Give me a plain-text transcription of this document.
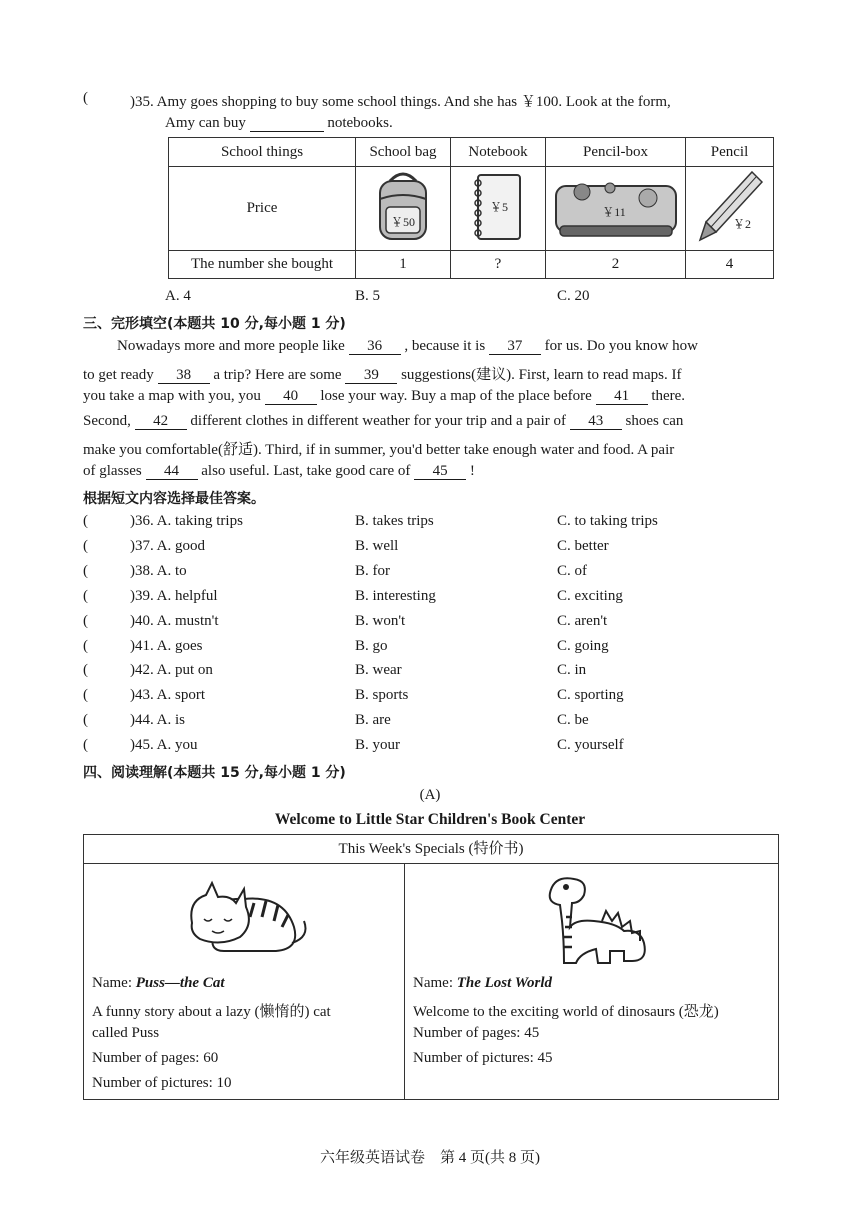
(	)35. Amy goes shopping to buy some school things. And she has ￥100. Look at the form,
Amy can buy	notebooks.
School things	School bag	Notebook	Pencil-box	Pencil
Price	￥50	￥5	￥11	￥2

The number she bought	1	?	2	4
A. 4	B. 5	C. 20
三、完形填空(本题共 10 分,每小题 1 分)
Nowadays more and more people like 36 , because it is 37 for us. Do you know how
to get ready 38 a trip? Here are some 39 suggestions(建议). First, learn to read maps. If
you take a map with you, you 40 lose your way. Buy a map of the place before 41 there.
Second, 42 different clothes in different weather for your trip and a pair of 43 shoes can
make you comfortable(舒适). Third, if in summer, you'd better take enough water and food. A pair
of glasses 44 also useful. Last, take good care of 45 !
根据短文内容选择最佳答案。
(	)36. A. taking trips	B. takes trips	C. to taking trips
(	)37. A. good	B. well	C. better
(	)38. A. to	B. for	C. of
(	)39. A. helpful	B. interesting	C. exciting
(	)40. A. mustn't	B. won't	C. aren't
(	)41. A. goes	B. go	C. going
(	)42. A. put on	B. wear	C. in
(	)43. A. sport	B. sports	C. sporting
(	)44. A. is	B. are	C. be
(	)45. A. you	B. your	C. yourself
四、阅读理解(本题共 15 分,每小题 1 分)
(A)
Welcome to Little Star Children's Book Center
This Week's Specials (特价书)
Name: Puss—the Cat
A funny story about a lazy (懒惰的) cat
called Puss
Number of pages: 60
Number of pictures: 10
Name: The Lost World
Welcome to the exciting world of dinosaurs (恐龙)
Number of pages: 45
Number of pictures: 45
六年级英语试卷　第 4 页(共 8 页)
